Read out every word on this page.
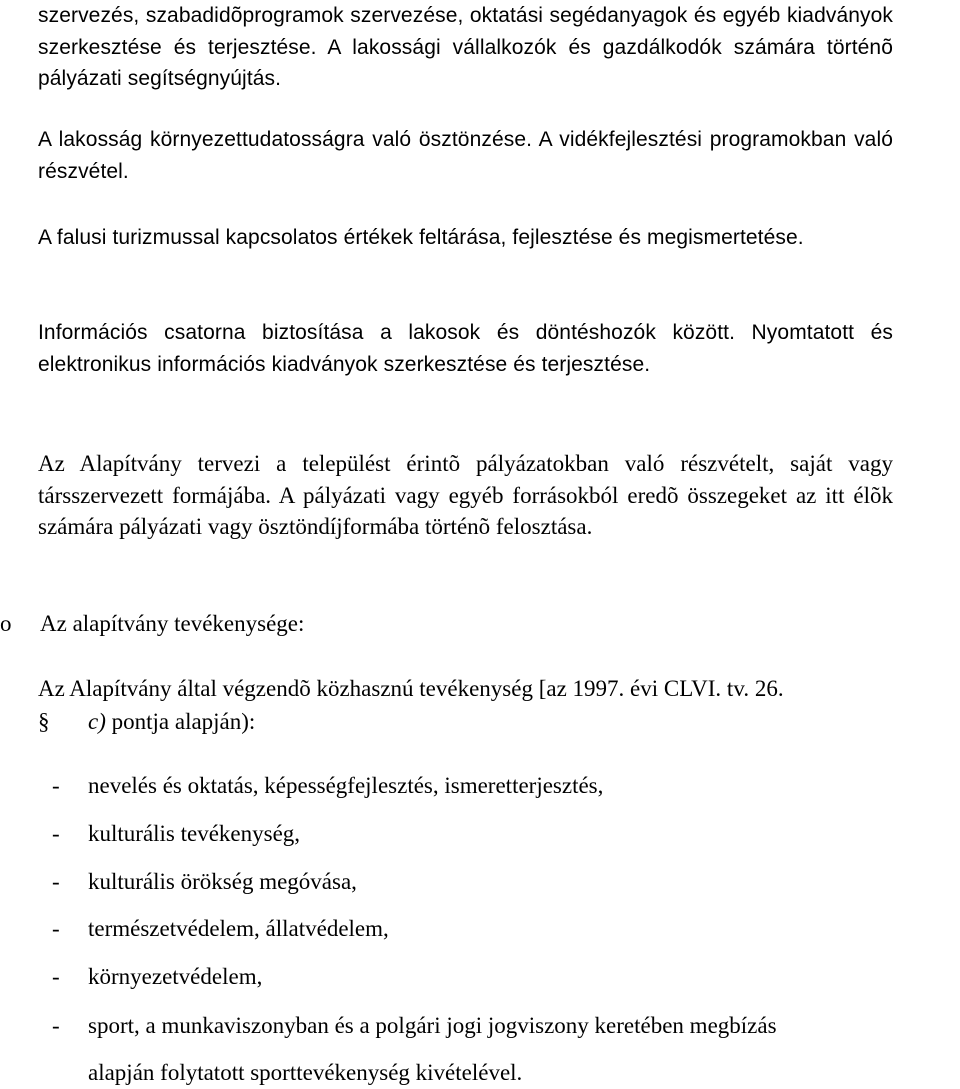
szervezés, szabadidõprogramok szervezése, oktatási segédanyagok és egyéb kiadványok szerkesztése és terjesztése. A lakossági vállalkozók és gazdálkodók számára történõ pályázati segítségnyújtás.

A lakosság környezettudatosságra való ösztönzése. A vidékfejlesztési programokban való részvétel.

A falusi turizmussal kapcsolatos értékek feltárása, fejlesztése és megismertetése.

Információs csatorna biztosítása a lakosok és döntéshozók között. Nyomtatott és elektronikus információs kiadványok szerkesztése és terjesztése.

Az Alapítvány tervezi a települést érintõ pályázatokban való részvételt, saját vagy társszervezett formájába. A pályázati vagy egyéb forrásokból eredõ összegeket az itt élõk számára pályázati vagy ösztöndíjformába történõ felosztása.

o Az alapítvány tevékenysége:

Az Alapítvány által végzendõ közhasznú tevékenység [az 1997. évi CLVI. tv. 26.

§ c) pontja alapján):

-	nevelés és oktatás, képességfejlesztés, ismeretterjesztés,
-	kulturális tevékenység,
-	kulturális örökség megóvása,
-	természetvédelem, állatvédelem,
-	környezetvédelem,
-	sport, a munkaviszonyban és a polgári jogi jogviszony keretében megbízás

alapján folytatott sporttevékenység kivételével.
